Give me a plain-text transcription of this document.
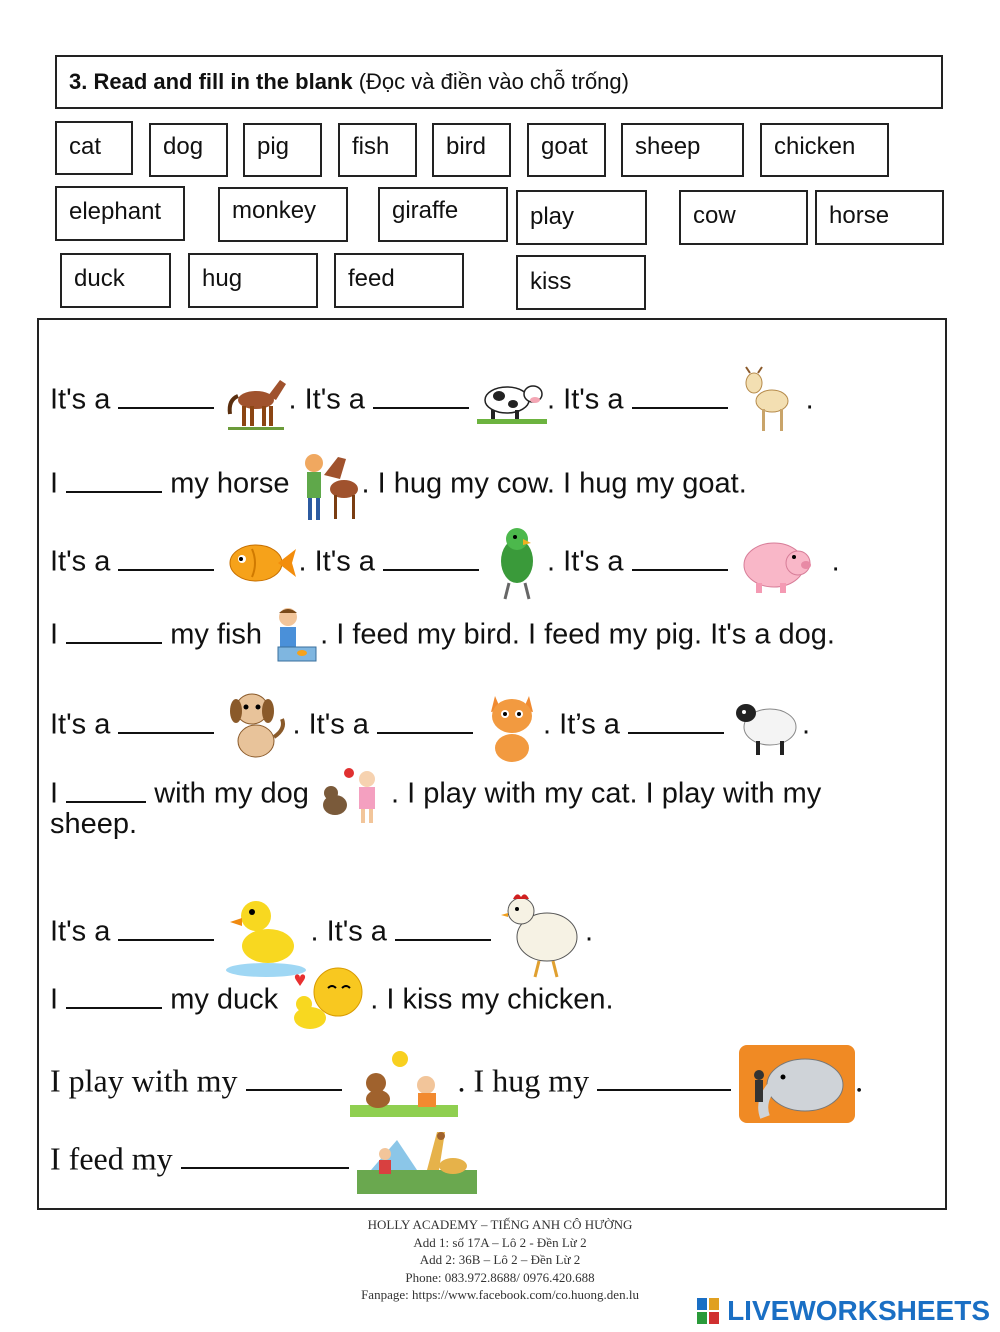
3. Read and fill in the blank (Đọc và điền vào chỗ trống)
cat	dog	pig	fish	bird	goat	sheep	chicken
elephant	monkey	giraffe	play	cow	horse
duck	hug	feed	kiss
It's a	. It's a	. It's a	.
I	my horse . I hug my cow. I hug my goat.
It's a	. It's a	. It's a	.
I	my fish . I feed my bird. I feed my pig. It's a dog.
It's a	. It's a	. It’s a	.
I	with my dog	. I play with my cat. I play with my
sheep.
It's a	. It's a	.
I	my duck	. I kiss my chicken.
I play with my	. I hug my	.
I feed my
HOLLY ACADEMY – TIẾNG ANH CÔ HƯỜNG
Add 1: số 17A – Lô 2 - Đền Lừ 2
Add 2: 36B – Lô 2 – Đền Lừ 2
Phone: 083.972.8688/ 0976.420.688
Fanpage: https://www.facebook.com/co.huong.den.lu
LIVEWORKSHEETS
